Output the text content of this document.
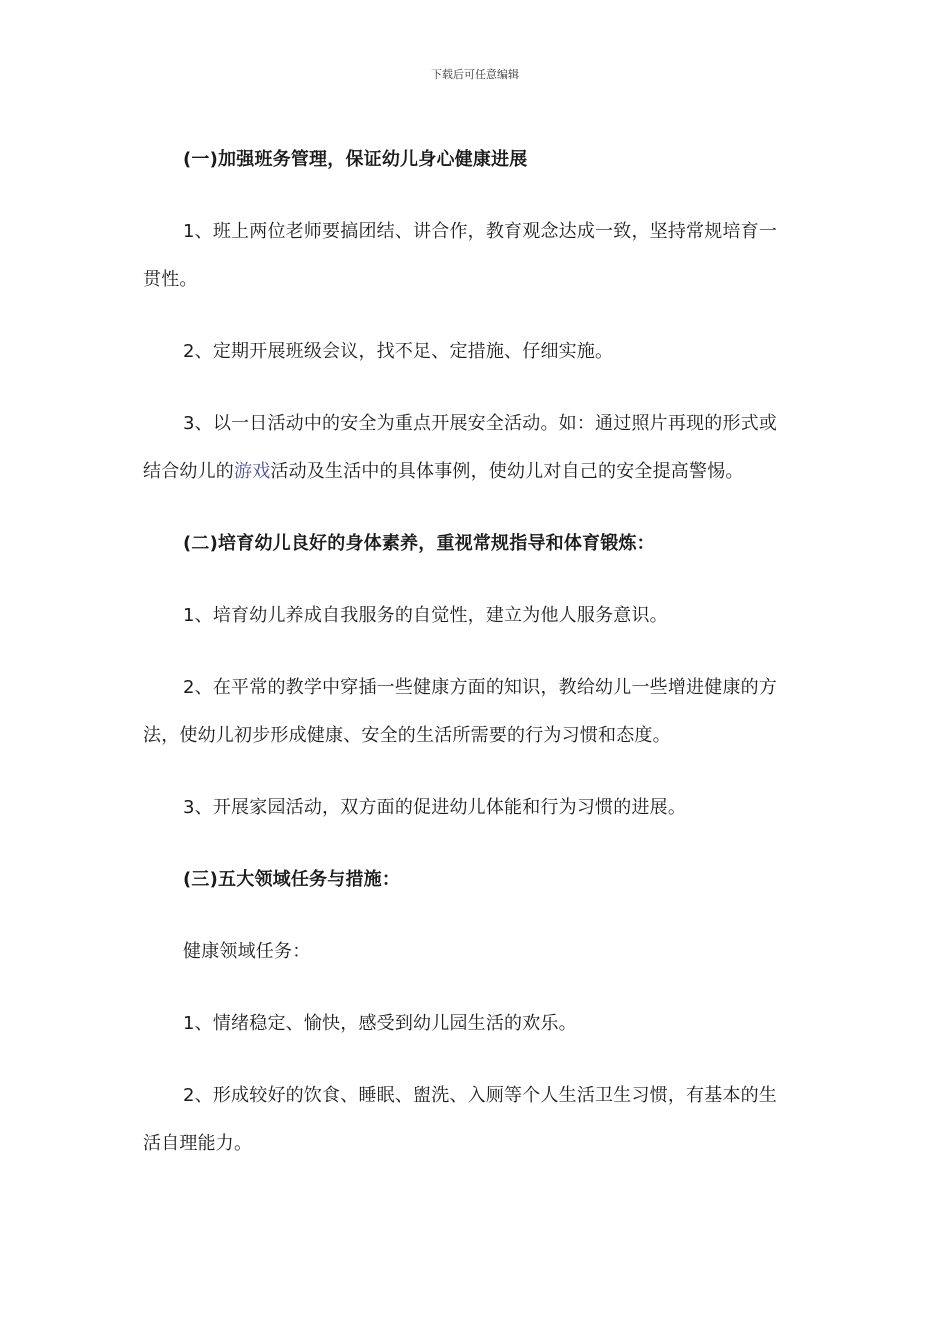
下载后可任意编辑

(一)加强班务管理，保证幼儿身心健康进展

1、班上两位老师要搞团结、讲合作，教育观念达成一致，坚持常规培育一贯性。

2、定期开展班级会议，找不足、定措施、仔细实施。

3、以一日活动中的安全为重点开展安全活动。如：通过照片再现的形式或结合幼儿的游戏活动及生活中的具体事例，使幼儿对自己的安全提高警惕。

(二)培育幼儿良好的身体素养，重视常规指导和体育锻炼：

1、培育幼儿养成自我服务的自觉性，建立为他人服务意识。

2、在平常的教学中穿插一些健康方面的知识，教给幼儿一些增进健康的方法，使幼儿初步形成健康、安全的生活所需要的行为习惯和态度。

3、开展家园活动，双方面的促进幼儿体能和行为习惯的进展。

(三)五大领域任务与措施：

健康领域任务：

1、情绪稳定、愉快，感受到幼儿园生活的欢乐。

2、形成较好的饮食、睡眠、盥洗、入厕等个人生活卫生习惯，有基本的生活自理能力。
